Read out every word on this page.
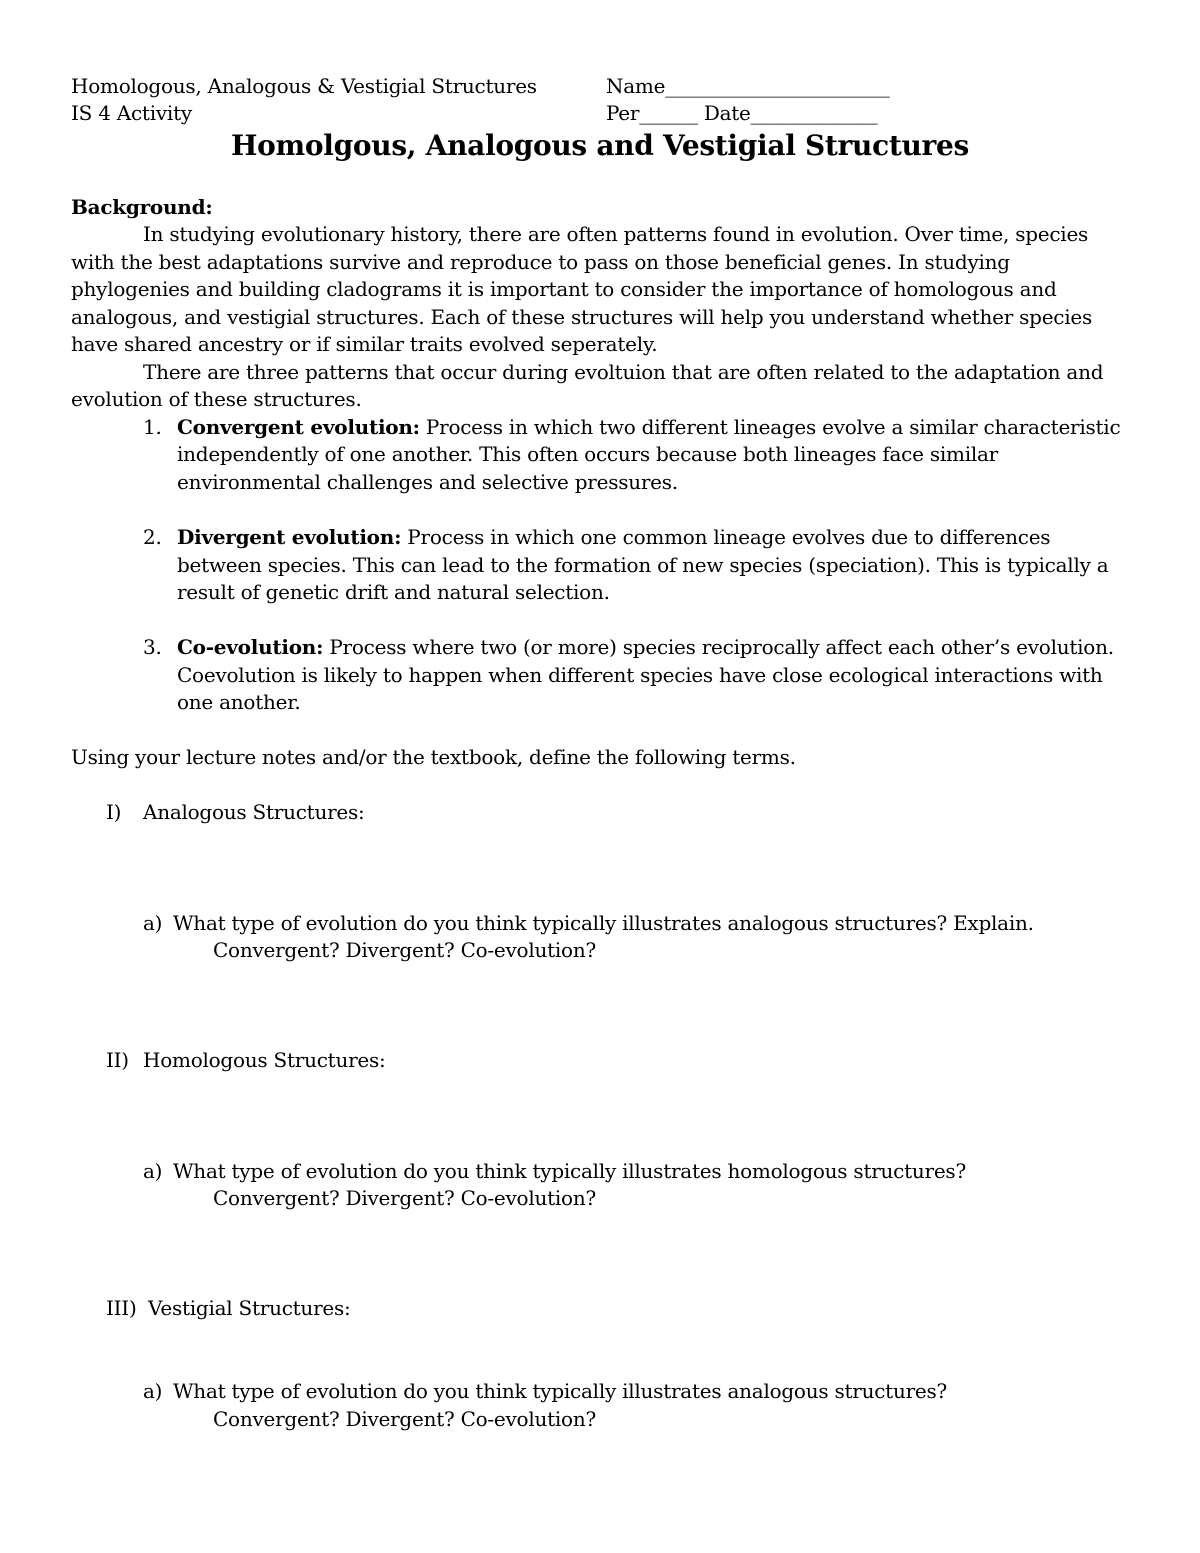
Homologous, Analogous & Vestigial Structures	Name_______________________
IS 4 Activity	Per______ Date_____________
Homolgous, Analogous and Vestigial Structures
Background:
In studying evolutionary history, there are often patterns found in evolution. Over time, species
with the best adaptations survive and reproduce to pass on those beneficial genes. In studying
phylogenies and building cladograms it is important to consider the importance of homologous and
analogous, and vestigial structures. Each of these structures will help you understand whether species
have shared ancestry or if similar traits evolved seperately.
There are three patterns that occur during evoltuion that are often related to the adaptation and
evolution of these structures.
1. Convergent evolution: Process in which two different lineages evolve a similar characteristic
independently of one another. This often occurs because both lineages face similar
environmental challenges and selective pressures.
2. Divergent evolution: Process in which one common lineage evolves due to differences
between species. This can lead to the formation of new species (speciation). This is typically a
result of genetic drift and natural selection.
3. Co-evolution: Process where two (or more) species reciprocally affect each other’s evolution.
Coevolution is likely to happen when different species have close ecological interactions with
one another.
Using your lecture notes and/or the textbook, define the following terms.
I) Analogous Structures:
a) What type of evolution do you think typically illustrates analogous structures? Explain.
Convergent? Divergent? Co-evolution?
II) Homologous Structures:
a) What type of evolution do you think typically illustrates homologous structures?
Convergent? Divergent? Co-evolution?
III) Vestigial Structures:
a) What type of evolution do you think typically illustrates analogous structures?
Convergent? Divergent? Co-evolution?
